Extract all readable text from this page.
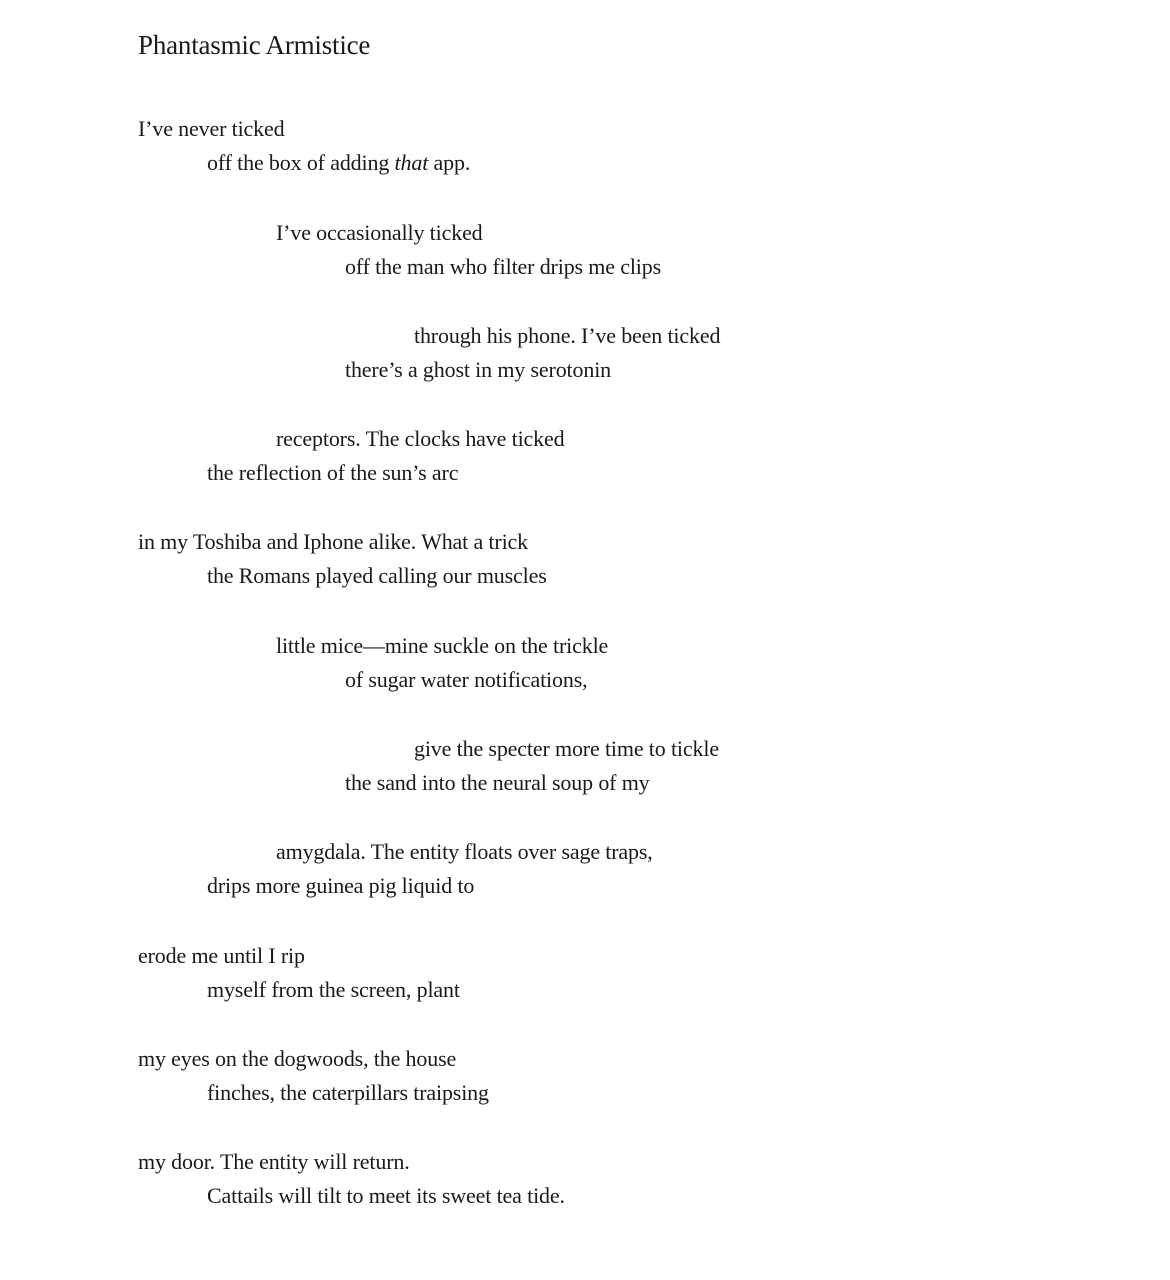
Phantasmic Armistice
I’ve never ticked
off the box of adding that app.
I’ve occasionally ticked
off the man who filter drips me clips
through his phone. I’ve been ticked
there’s a ghost in my serotonin
receptors. The clocks have ticked
the reflection of the sun’s arc
in my Toshiba and Iphone alike. What a trick
the Romans played calling our muscles
little mice—mine suckle on the trickle
of sugar water notifications,
give the specter more time to tickle
the sand into the neural soup of my
amygdala. The entity floats over sage traps,
drips more guinea pig liquid to
erode me until I rip
myself from the screen, plant
my eyes on the dogwoods, the house
finches, the caterpillars traipsing
my door. The entity will return.
Cattails will tilt to meet its sweet tea tide.
